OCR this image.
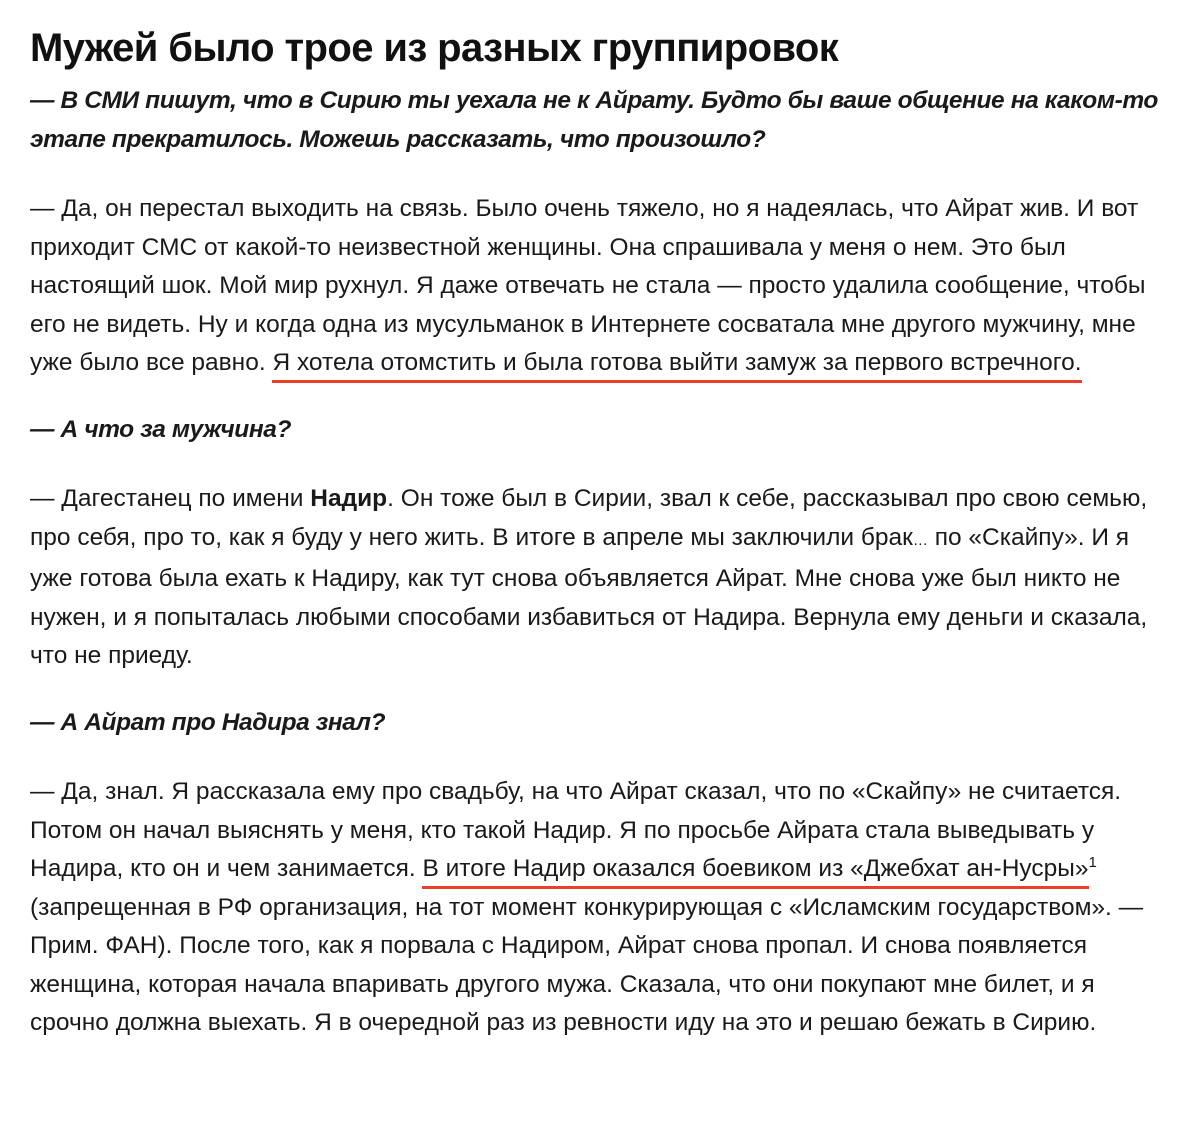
Мужей было трое из разных группировок

— В СМИ пишут, что в Сирию ты уехала не к Айрату. Будто бы ваше общение на каком-то этапе прекратилось. Можешь рассказать, что произошло?

— Да, он перестал выходить на связь. Было очень тяжело, но я надеялась, что Айрат жив. И вот приходит СМС от какой-то неизвестной женщины. Она спрашивала у меня о нем. Это был настоящий шок. Мой мир рухнул. Я даже отвечать не стала — просто удалила сообщение, чтобы его не видеть. Ну и когда одна из мусульманок в Интернете сосватала мне другого мужчину, мне уже было все равно. Я хотела отомстить и была готова выйти замуж за первого встречного.

— А что за мужчина?

— Дагестанец по имени Надир. Он тоже был в Сирии, звал к себе, рассказывал про свою семью, про себя, про то, как я буду у него жить. В итоге в апреле мы заключили брак… по «Скайпу». И я уже готова была ехать к Надиру, как тут снова объявляется Айрат. Мне снова уже был никто не нужен, и я попыталась любыми способами избавиться от Надира. Вернула ему деньги и сказала, что не приеду.

— А Айрат про Надира знал?

— Да, знал. Я рассказала ему про свадьбу, на что Айрат сказал, что по «Скайпу» не считается. Потом он начал выяснять у меня, кто такой Надир. Я по просьбе Айрата стала выведывать у Надира, кто он и чем занимается. В итоге Надир оказался боевиком из «Джебхат ан-Нусры»$^1$ (запрещенная в РФ организация, на тот момент конкурирующая с «Исламским государством». — Прим. ФАН). После того, как я порвала с Надиром, Айрат снова пропал. И снова появляется женщина, которая начала впаривать другого мужа. Сказала, что они покупают мне билет, и я срочно должна выехать. Я в очередной раз из ревности иду на это и решаю бежать в Сирию.
